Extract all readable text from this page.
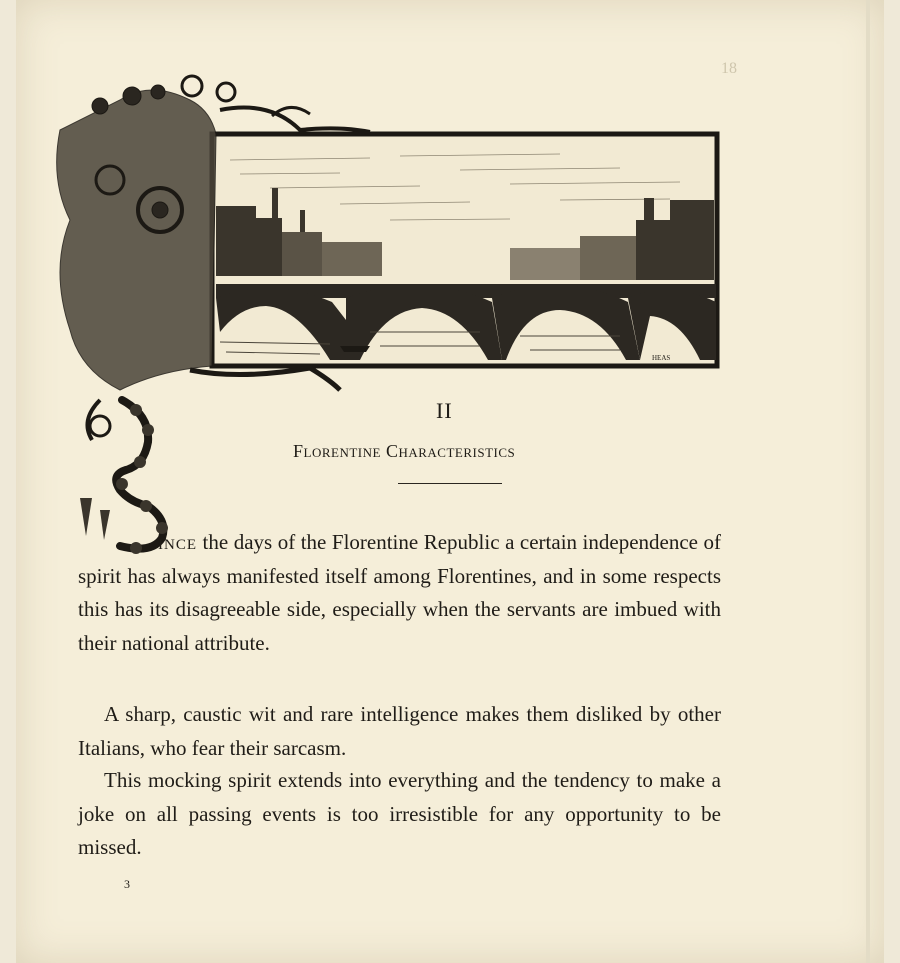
18
HEAS
II
Florentine Characteristics
ince the days of the Florentine Republic a certain independence of spirit has always manifested itself among Florentines, and in some respects this has its disagreeable side, especially when the servants are imbued with their national attribute.
A sharp, caustic wit and rare intelligence makes them disliked by other Italians, who fear their sarcasm.
This mocking spirit extends into everything and the tendency to make a joke on all passing events is too irresistible for any opportunity to be missed.
3
